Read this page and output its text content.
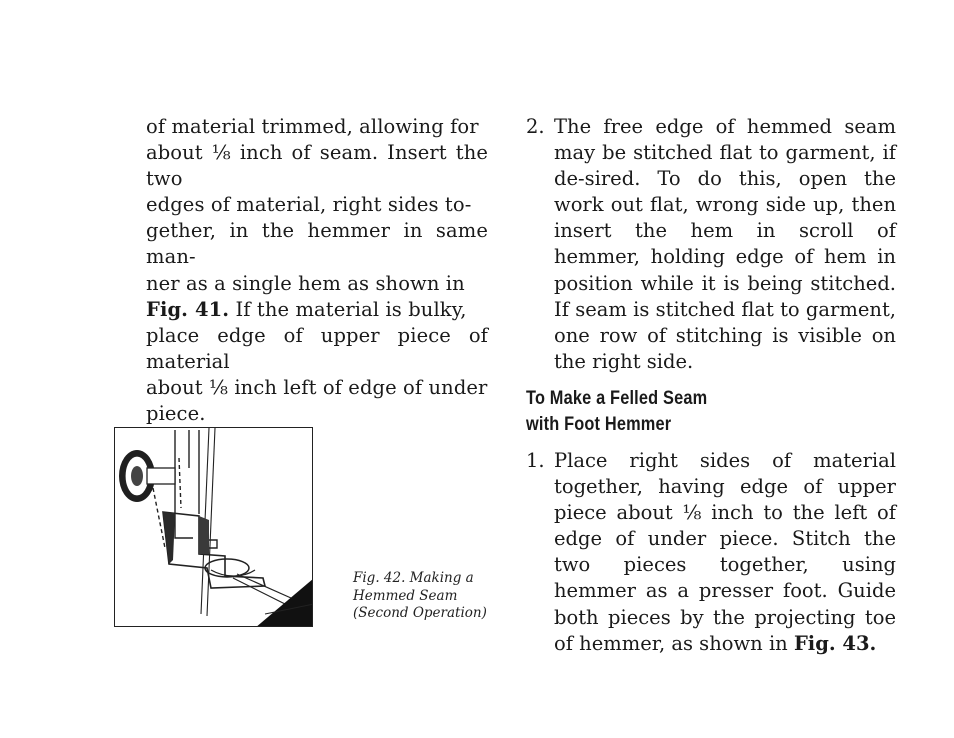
of material trimmed, allowing for
about ⅛ inch of seam. Insert the two
edges of material, right sides to-
gether, in the hemmer in same man-
ner as a single hem as shown in
Fig. 41. If the material is bulky,
place edge of upper piece of material
about ⅛ inch left of edge of under
piece.

2. The free edge of hemmed seam may be stitched flat to garment, if de-sired. To do this, open the work out flat, wrong side up, then insert the hem in scroll of hemmer, holding edge of hem in position while it is being stitched. If seam is stitched flat to garment, one row of stitching is visible on the right side.
To Make a Felled Seam
with Foot Hemmer
1. Place right sides of material together, having edge of upper piece about ⅛ inch to the left of edge of under piece. Stitch the two pieces together, using hemmer as a presser foot. Guide both pieces by the projecting toe of hemmer, as shown in Fig. 43.
Fig. 42. Making a
Hemmed Seam
(Second Operation)
